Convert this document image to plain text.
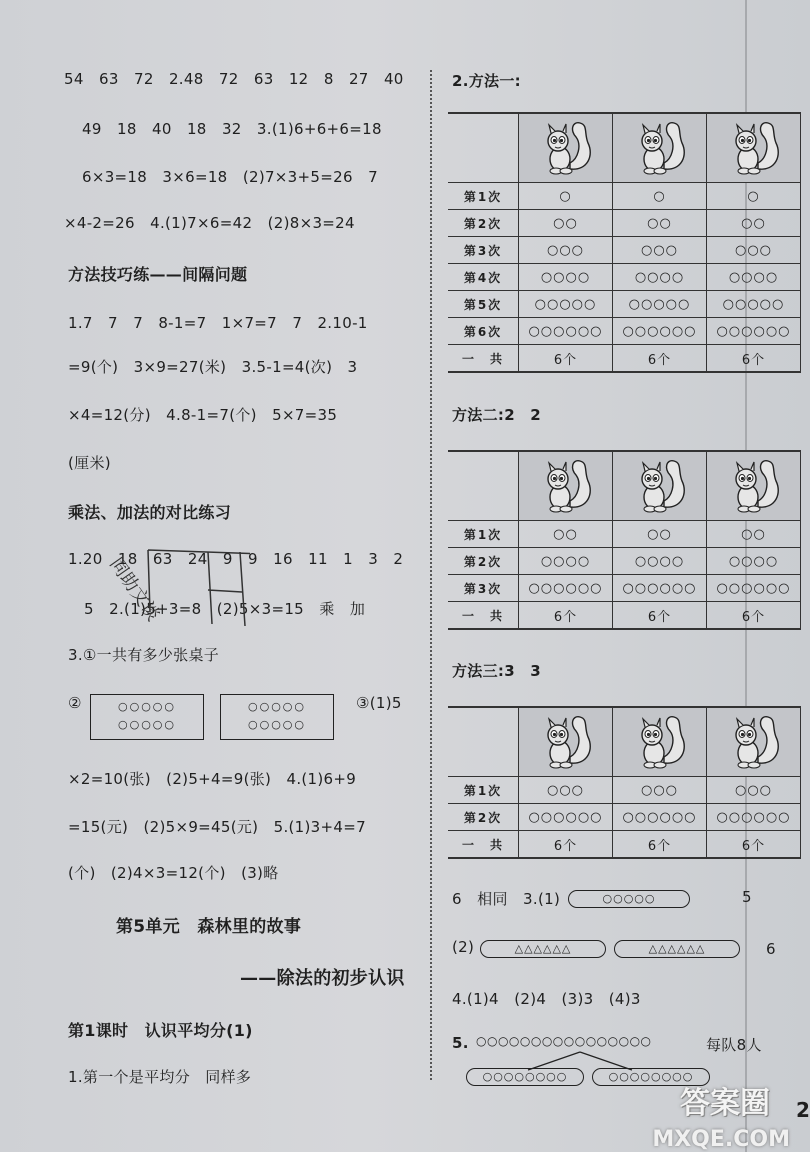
54　63　72　2.48　72　63　12　8　27　40
49　18　40　18　32　3.(1)6+6+6=18
6×3=18　3×6=18　(2)7×3+5=26　7
×4-2=26　4.(1)7×6=42　(2)8×3=24
方法技巧练——间隔问题
1.7　7　7　8-1=7　1×7=7　7　2.10-1
=9(个)　3×9=27(米)　3.5-1=4(次)　3
×4=12(分)　4.8-1=7(个)　5×7=35
(厘米)
乘法、加法的对比练习
1.20　18　63　24　9　9　16　11　1　3　2
5　2.(1)5+3=8　(2)5×3=15　乘　加
3.①一共有多少张桌子
同助文谈
②	○○○○○
○○○○○
○○○○○
○○○○○
③(1)5
×2=10(张)　(2)5+4=9(张)　4.(1)6+9
=15(元)　(2)5×9=45(元)　5.(1)3+4=7
(个)　(2)4×3=12(个)　(3)略
第5单元　森林里的故事
——除法的初步认识
第1课时　认识平均分(1)
1.第一个是平均分　同样多
2.方法一:

第1次	○	○	○
第2次	○○	○○	○○
第3次	○○○	○○○	○○○
第4次	○○○○	○○○○	○○○○
第5次	○○○○○	○○○○○	○○○○○
第6次	○○○○○○	○○○○○○	○○○○○○
一　共	6个	6个	6个
方法二:2　2

第1次	○○	○○	○○
第2次	○○○○	○○○○	○○○○
第3次	○○○○○○	○○○○○○	○○○○○○
一　共	6个	6个	6个
方法三:3　3

第1次	○○○	○○○	○○○
第2次	○○○○○○	○○○○○○	○○○○○○
一　共	6个	6个	6个
6　相同　3.(1)	○○○○○	5
(2)	△△△△△△	△△△△△△	6
4.(1)4　(2)4　(3)3　(4)3
5. ○○○○○○○○○○○○○○○○	每队8人
○○○○○○○○	○○○○○○○○
2
答案圈
MXQE.COM
